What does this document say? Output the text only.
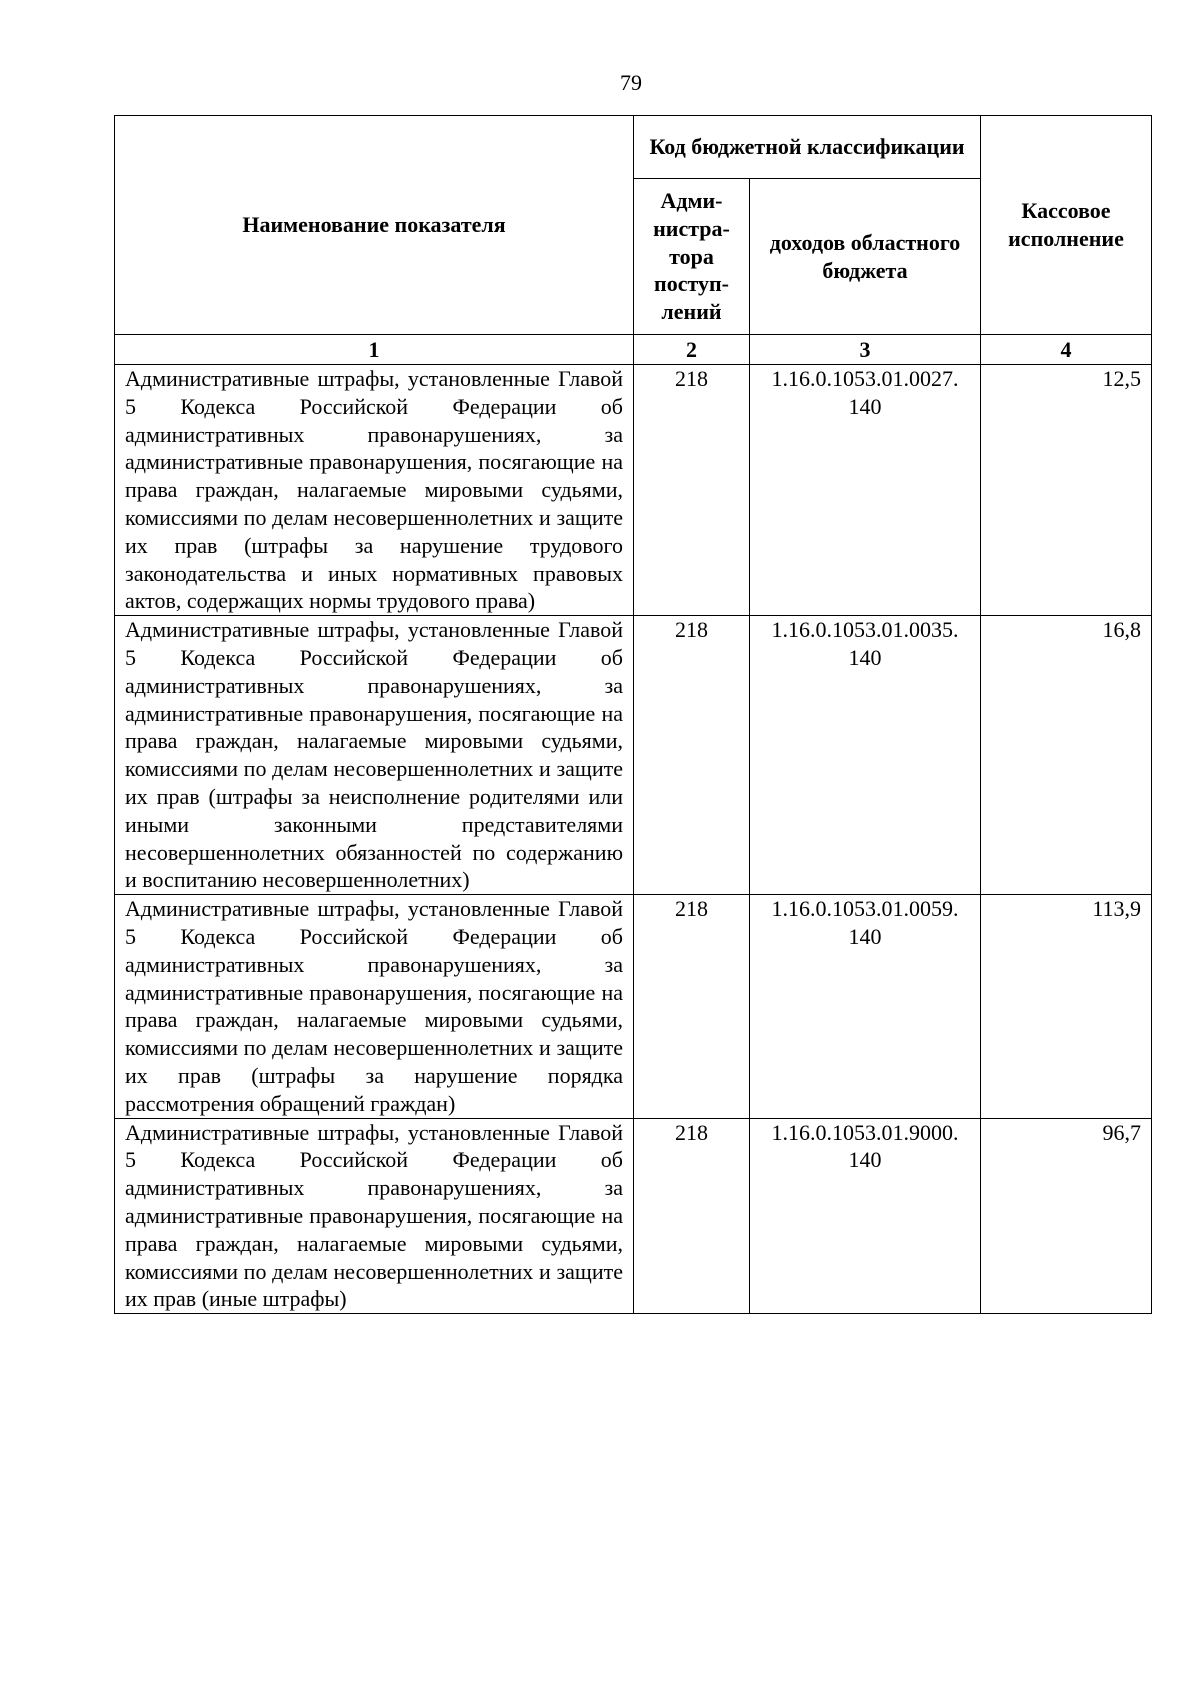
79
Наименование показателя	Код бюджетной классификации		Кассовое исполнение
	Адми-нистра-тора поступ-лений	доходов областного бюджета	
1	2	3	4
Административные штрафы, установленные Главой 5 Кодекса Российской Федерации об административных правонарушениях, за административные правонарушения, посягающие на права граждан, налагаемые мировыми судьями, комиссиями по делам несовершеннолетних и защите их прав (штрафы за нарушение трудового законодательства и иных нормативных правовых актов, содержащих нормы трудового права)	218	1.16.0.1053.01.0027. 140	12,5
Административные штрафы, установленные Главой 5 Кодекса Российской Федерации об административных правонарушениях, за административные правонарушения, посягающие на права граждан, налагаемые мировыми судьями, комиссиями по делам несовершеннолетних и защите их прав (штрафы за неисполнение родителями или иными законными представителями несовершеннолетних обязанностей по содержанию и воспитанию несовершеннолетних)	218	1.16.0.1053.01.0035. 140	16,8
Административные штрафы, установленные Главой 5 Кодекса Российской Федерации об административных правонарушениях, за административные правонарушения, посягающие на права граждан, налагаемые мировыми судьями, комиссиями по делам несовершеннолетних и защите их прав (штрафы за нарушение порядка рассмотрения обращений граждан)	218	1.16.0.1053.01.0059. 140	113,9
Административные штрафы, установленные Главой 5 Кодекса Российской Федерации об административных правонарушениях, за административные правонарушения, посягающие на права граждан, налагаемые мировыми судьями, комиссиями по делам несовершеннолетних и защите их прав (иные штрафы)	218	1.16.0.1053.01.9000. 140	96,7
